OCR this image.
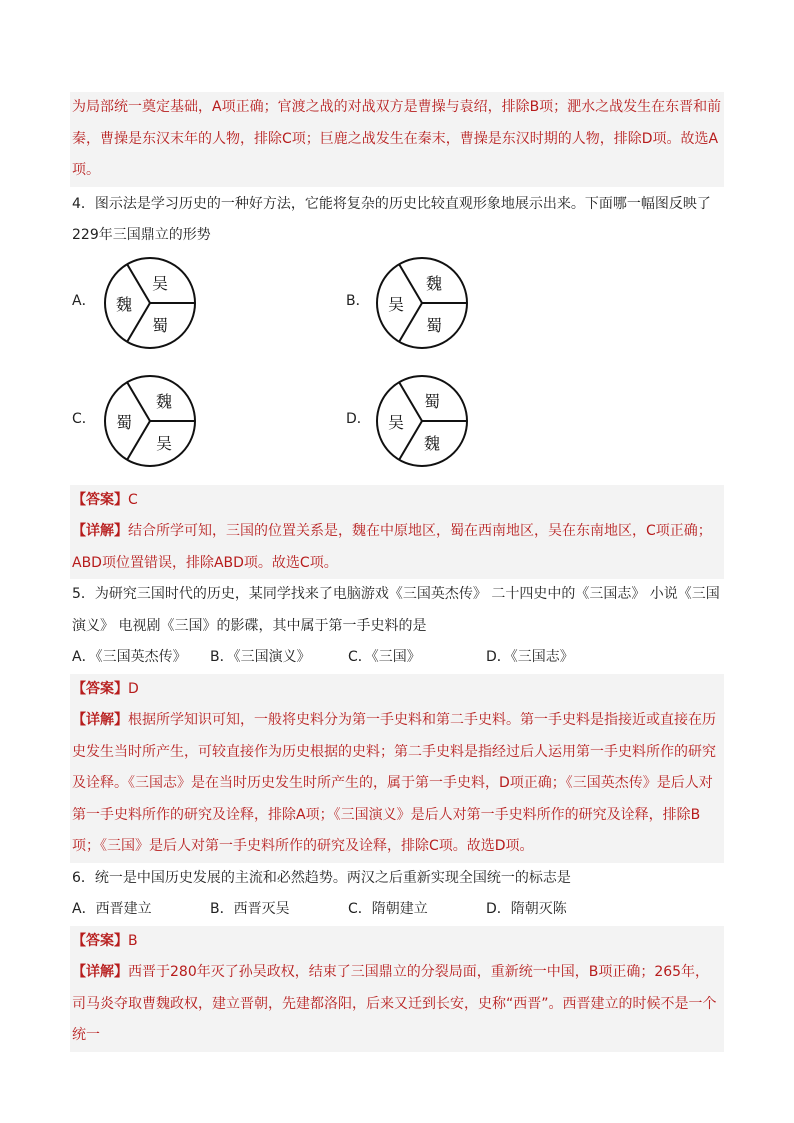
为局部统一奠定基础，A项正确；官渡之战的对战双方是曹操与袁绍，排除B项；淝水之战发生在东晋和前秦，曹操是东汉末年的人物，排除C项；巨鹿之战发生在秦末，曹操是东汉时期的人物，排除D项。故选A项。
4．图示法是学习历史的一种好方法，它能将复杂的历史比较直观形象地展示出来。下面哪一幅图反映了229年三国鼎立的形势
A． 魏
吴
蜀
B． 吴
魏
蜀
C． 蜀
魏
吴
D． 吴
蜀
魏
【答案】C
【详解】结合所学可知，三国的位置关系是，魏在中原地区，蜀在西南地区，吴在东南地区，C项正确；ABD项位置错误，排除ABD项。故选C项。
5．为研究三国时代的历史，某同学找来了电脑游戏《三国英杰传》 二十四史中的《三国志》 小说《三国演义》 电视剧《三国》的影碟，其中属于第一手史料的是
A．《三国英杰传》	B．《三国演义》	C．《三国》	D．《三国志》
【答案】D
【详解】根据所学知识可知，一般将史料分为第一手史料和第二手史料。第一手史料是指接近或直接在历史发生当时所产生，可较直接作为历史根据的史料；第二手史料是指经过后人运用第一手史料所作的研究及诠释。《三国志》是在当时历史发生时所产生的，属于第一手史料，D项正确；《三国英杰传》是后人对第一手史料所作的研究及诠释，排除A项；《三国演义》是后人对第一手史料所作的研究及诠释，排除B项；《三国》是后人对第一手史料所作的研究及诠释，排除C项。故选D项。
6．统一是中国历史发展的主流和必然趋势。两汉之后重新实现全国统一的标志是
A．西晋建立	B．西晋灭吴	C．隋朝建立	D．隋朝灭陈
【答案】B
【详解】西晋于280年灭了孙吴政权，结束了三国鼎立的分裂局面，重新统一中国，B项正确；265年，司马炎夺取曹魏政权，建立晋朝，先建都洛阳，后来又迁到长安，史称“西晋”。西晋建立的时候不是一个统一
